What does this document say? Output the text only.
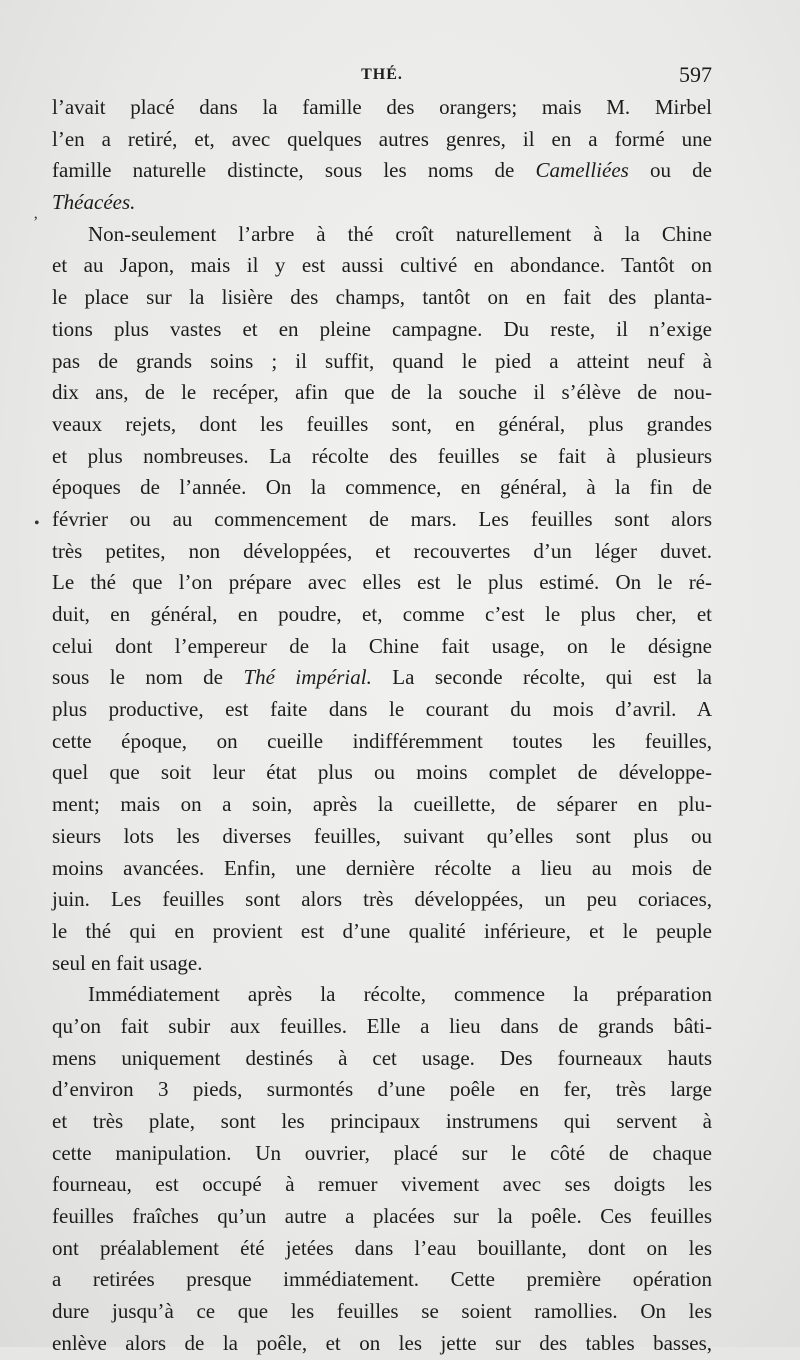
THÉ.	597
ʼ
•
l’avait placé dans la famille des orangers; mais M. Mirbel
l’en a retiré, et, avec quelques autres genres, il en a formé une
famille naturelle distincte, sous les noms de Camelliées ou de
Théacées.
Non-seulement l’arbre à thé croît naturellement à la Chine
et au Japon, mais il y est aussi cultivé en abondance. Tantôt on
le place sur la lisière des champs, tantôt on en fait des planta-
tions plus vastes et en pleine campagne. Du reste, il n’exige
pas de grands soins ; il suffit, quand le pied a atteint neuf à
dix ans, de le recéper, afin que de la souche il s’élève de nou-
veaux rejets, dont les feuilles sont, en général, plus grandes
et plus nombreuses. La récolte des feuilles se fait à plusieurs
époques de l’année. On la commence, en général, à la fin de
février ou au commencement de mars. Les feuilles sont alors
très petites, non développées, et recouvertes d’un léger duvet.
Le thé que l’on prépare avec elles est le plus estimé. On le ré-
duit, en général, en poudre, et, comme c’est le plus cher, et
celui dont l’empereur de la Chine fait usage, on le désigne
sous le nom de Thé impérial. La seconde récolte, qui est la
plus productive, est faite dans le courant du mois d’avril. A
cette époque, on cueille indifféremment toutes les feuilles,
quel que soit leur état plus ou moins complet de développe-
ment; mais on a soin, après la cueillette, de séparer en plu-
sieurs lots les diverses feuilles, suivant qu’elles sont plus ou
moins avancées. Enfin, une dernière récolte a lieu au mois de
juin. Les feuilles sont alors très développées, un peu coriaces,
le thé qui en provient est d’une qualité inférieure, et le peuple
seul en fait usage.
Immédiatement après la récolte, commence la préparation
qu’on fait subir aux feuilles. Elle a lieu dans de grands bâti-
mens uniquement destinés à cet usage. Des fourneaux hauts
d’environ 3 pieds, surmontés d’une poêle en fer, très large
et très plate, sont les principaux instrumens qui servent à
cette manipulation. Un ouvrier, placé sur le côté de chaque
fourneau, est occupé à remuer vivement avec ses doigts les
feuilles fraîches qu’un autre a placées sur la poêle. Ces feuilles
ont préalablement été jetées dans l’eau bouillante, dont on les
a retirées presque immédiatement. Cette première opération
dure jusqu’à ce que les feuilles se soient ramollies. On les
enlève alors de la poêle, et on les jette sur des tables basses,
